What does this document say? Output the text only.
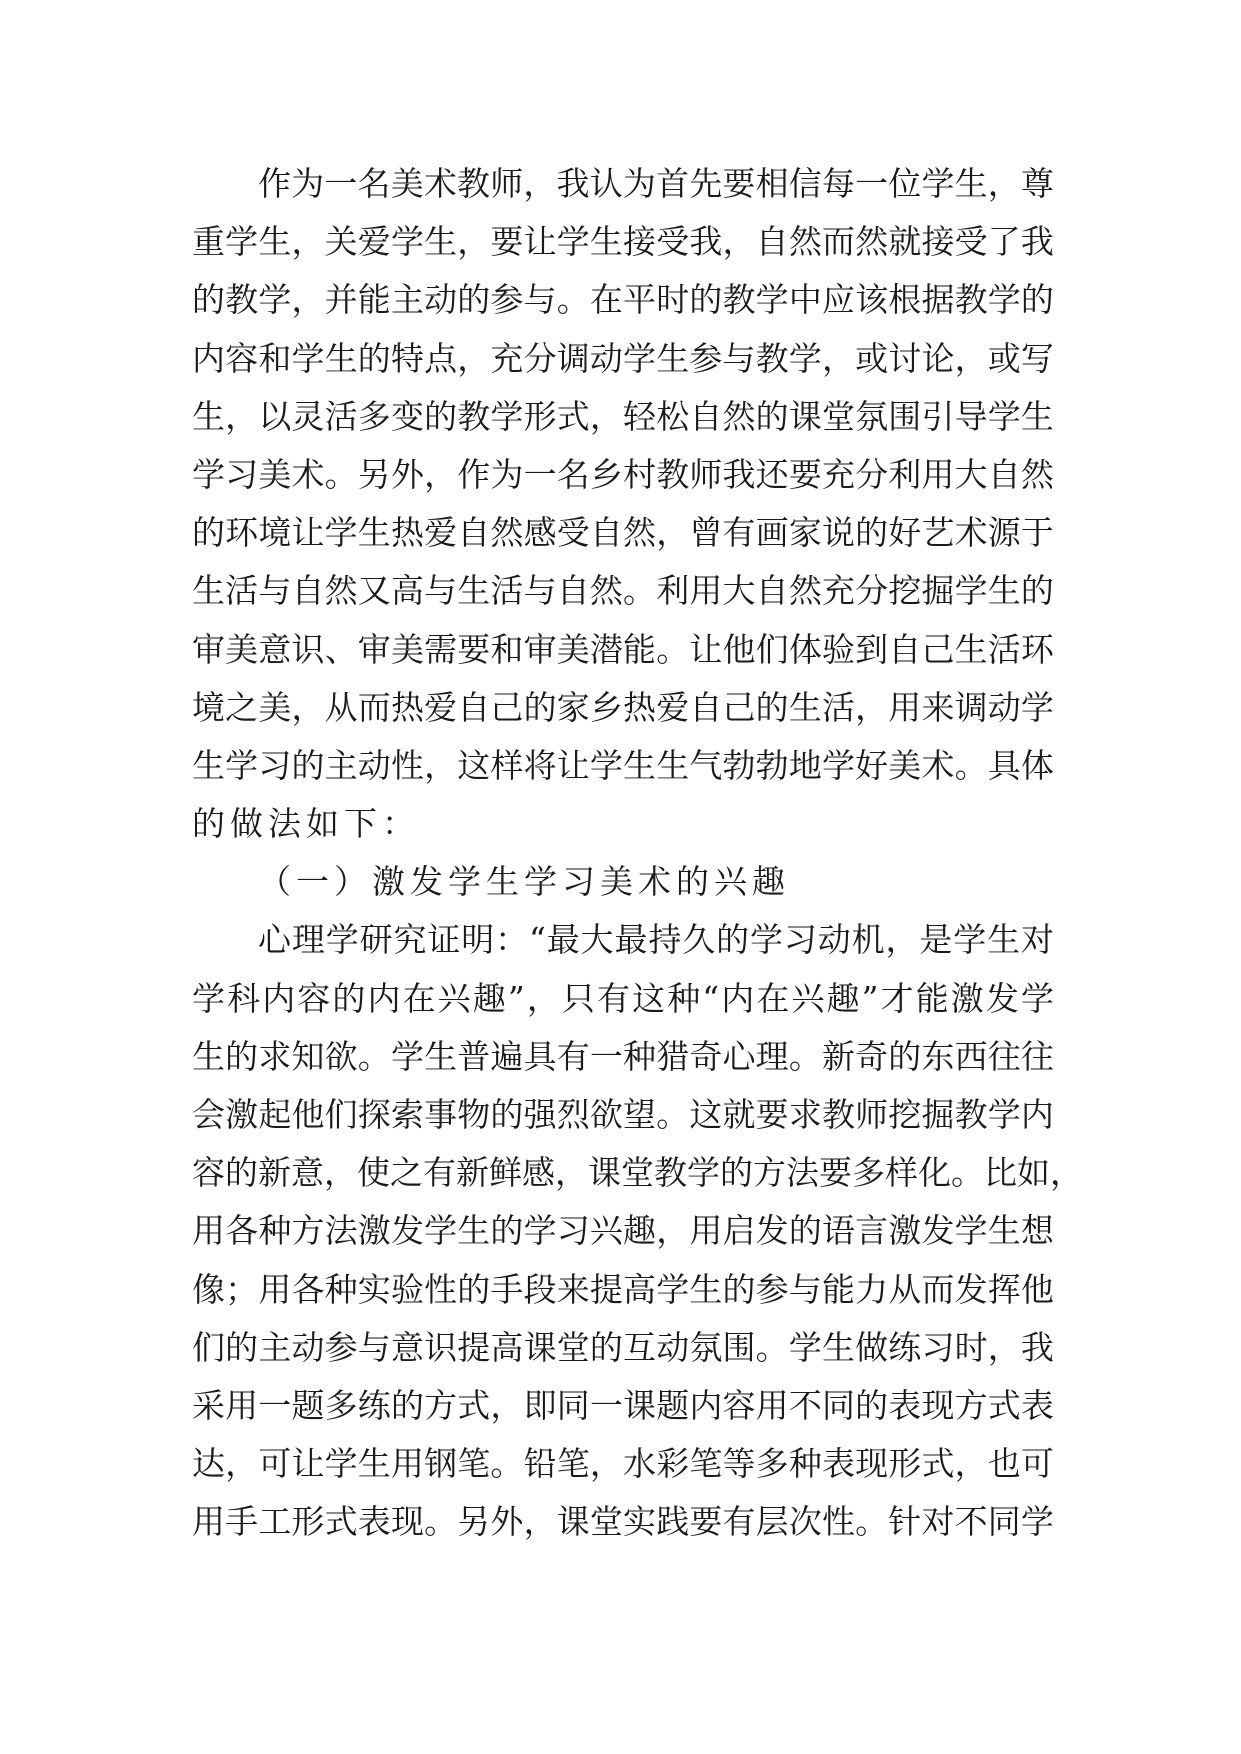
作 为 一 名 美 术 教 师 ， 我 认 为 首 先 要 相 信 每 一 位 学 生 ， 尊
重 学 生 ， 关 爱 学 生 ， 要 让 学 生 接 受 我 ， 自 然 而 然 就 接 受 了 我
的 教 学 ， 并 能 主 动 的 参 与 。 在 平 时 的 教 学 中 应 该 根 据 教 学 的
内 容 和 学 生 的 特 点 ， 充 分 调 动 学 生 参 与 教 学 ， 或 讨 论 ， 或 写
生 ， 以 灵 活 多 变 的 教 学 形 式 ， 轻 松 自 然 的 课 堂 氛 围 引 导 学 生
学 习 美 术 。 另 外 ， 作 为 一 名 乡 村 教 师 我 还 要 充 分 利 用 大 自 然
的 环 境 让 学 生 热 爱 自 然 感 受 自 然 ， 曾 有 画 家 说 的 好 艺 术 源 于
生 活 与 自 然 又 高 与 生 活 与 自 然 。 利 用 大 自 然 充 分 挖 掘 学 生 的
审 美 意 识 、 审 美 需 要 和 审 美 潜 能 。 让 他 们 体 验 到 自 己 生 活 环
境 之 美 ， 从 而 热 爱 自 己 的 家 乡 热 爱 自 己 的 生 活 ， 用 来 调 动 学
生 学 习 的 主 动 性 ， 这 样 将 让 学 生 生 气 勃 勃 地 学 好 美 术 。 具 体
的做法如下：
（一）激发学生学习美术的兴趣
心 理 学 研 究 证 明 ： “ 最 大 最 持 久 的 学 习 动 机 ， 是 学 生 对
学 科 内 容 的 内 在 兴 趣 ” ， 只 有 这 种 “ 内 在 兴 趣 ” 才 能 激 发 学
生 的 求 知 欲 。 学 生 普 遍 具 有 一 种 猎 奇 心 理 。 新 奇 的 东 西 往 往
会 激 起 他 们 探 索 事 物 的 强 烈 欲 望 。 这 就 要 求 教 师 挖 掘 教 学 内
容 的 新 意 ， 使 之 有 新 鲜 感 ， 课 堂 教 学 的 方 法 要 多 样 化 。 比 如 ，
用 各 种 方 法 激 发 学 生 的 学 习 兴 趣 ， 用 启 发 的 语 言 激 发 学 生 想
像 ； 用 各 种 实 验 性 的 手 段 来 提 高 学 生 的 参 与 能 力 从 而 发 挥 他
们 的 主 动 参 与 意 识 提 高 课 堂 的 互 动 氛 围 。 学 生 做 练 习 时 ， 我
采 用 一 题 多 练 的 方 式 ， 即 同 一 课 题 内 容 用 不 同 的 表 现 方 式 表
达 ， 可 让 学 生 用 钢 笔 。 铅 笔 ， 水 彩 笔 等 多 种 表 现 形 式 ， 也 可
用 手 工 形 式 表 现 。 另 外 ， 课 堂 实 践 要 有 层 次 性 。 针 对 不 同 学
